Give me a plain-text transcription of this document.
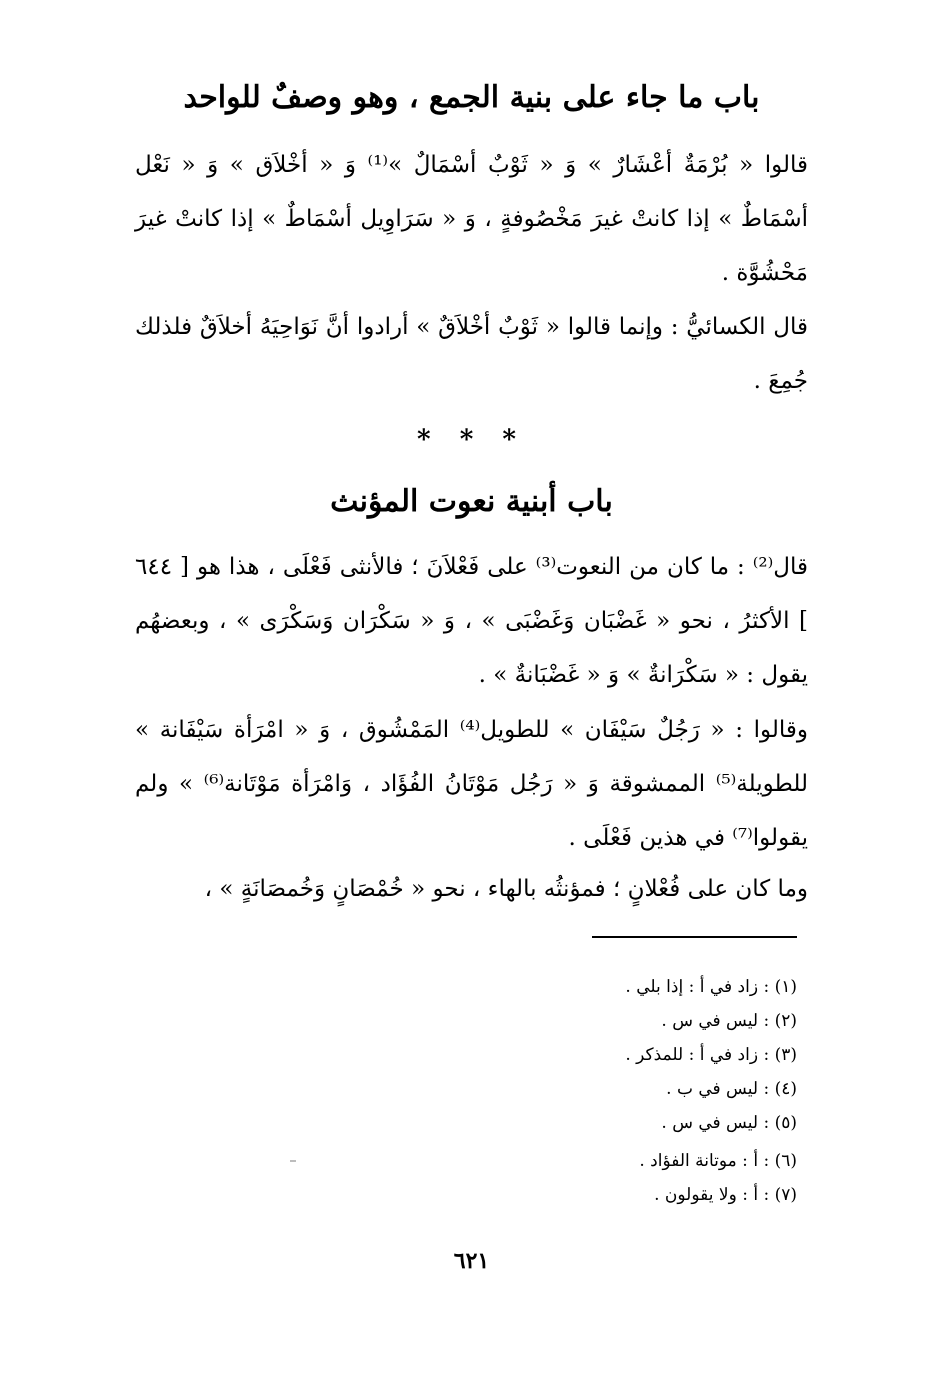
باب ما جاء على بنية الجمع ، وهو وصفٌ للواحد
قالوا « بُرْمَةٌ أعْشَارٌ » وَ « ثَوْبٌ أسْمَالٌ »⁽¹⁾ وَ « أخْلاَق » وَ « نَعْل أسْمَاطٌ » إذا كانتْ غيرَ مَخْصُوفةٍ ، وَ « سَرَاوِيل أسْمَاطٌ » إذا كانتْ غيرَ مَحْشُوَّة .
قال الكسائيُّ : وإنما قالوا « ثَوْبٌ أخْلاَقٌ » أرادوا أنَّ نَوَاحِيَهُ أخلاَقٌ فلذلك جُمِعَ .
* * *
باب أبنية نعوت المؤنث
قال⁽²⁾ : ما كان من النعوت⁽³⁾ على فَعْلاَنَ ؛ فالأنثى فَعْلَى ، هذا هو [ ٦٤٤ ] الأكثرُ ، نحو « غَضْبَان وَغَضْبَى » ، وَ « سَكْرَان وَسَكْرَى » ، وبعضهُم يقول : « سَكْرَانةٌ » وَ « غَضْبَانةٌ » .
وقالوا : « رَجُلٌ سَيْفَان » للطويل⁽⁴⁾ المَمْشُوق ، وَ « امْرَأة سَيْفَانة » للطويلة⁽⁵⁾ الممشوقة وَ « رَجُل مَوْتَانُ الفُؤَاد ، وَامْرَأة مَوْتَانة⁽⁶⁾ » ولم يقولوا⁽⁷⁾ في هذين فَعْلَى .
وما كان على فُعْلانٍ ؛ فمؤنثُه بالهاء ، نحو « خُمْصَانٍ وَخُمصَانَةٍ » ،
(١) : زاد في أ : إذا بلي .
(٢) : ليس في س .
(٣) : زاد في أ : للمذكر .
(٤) : ليس في ب .
(٥) : ليس في س .
(٦) : أ : موتانة الفؤاد .
(٧) : أ : ولا يقولون .
٦٢١
